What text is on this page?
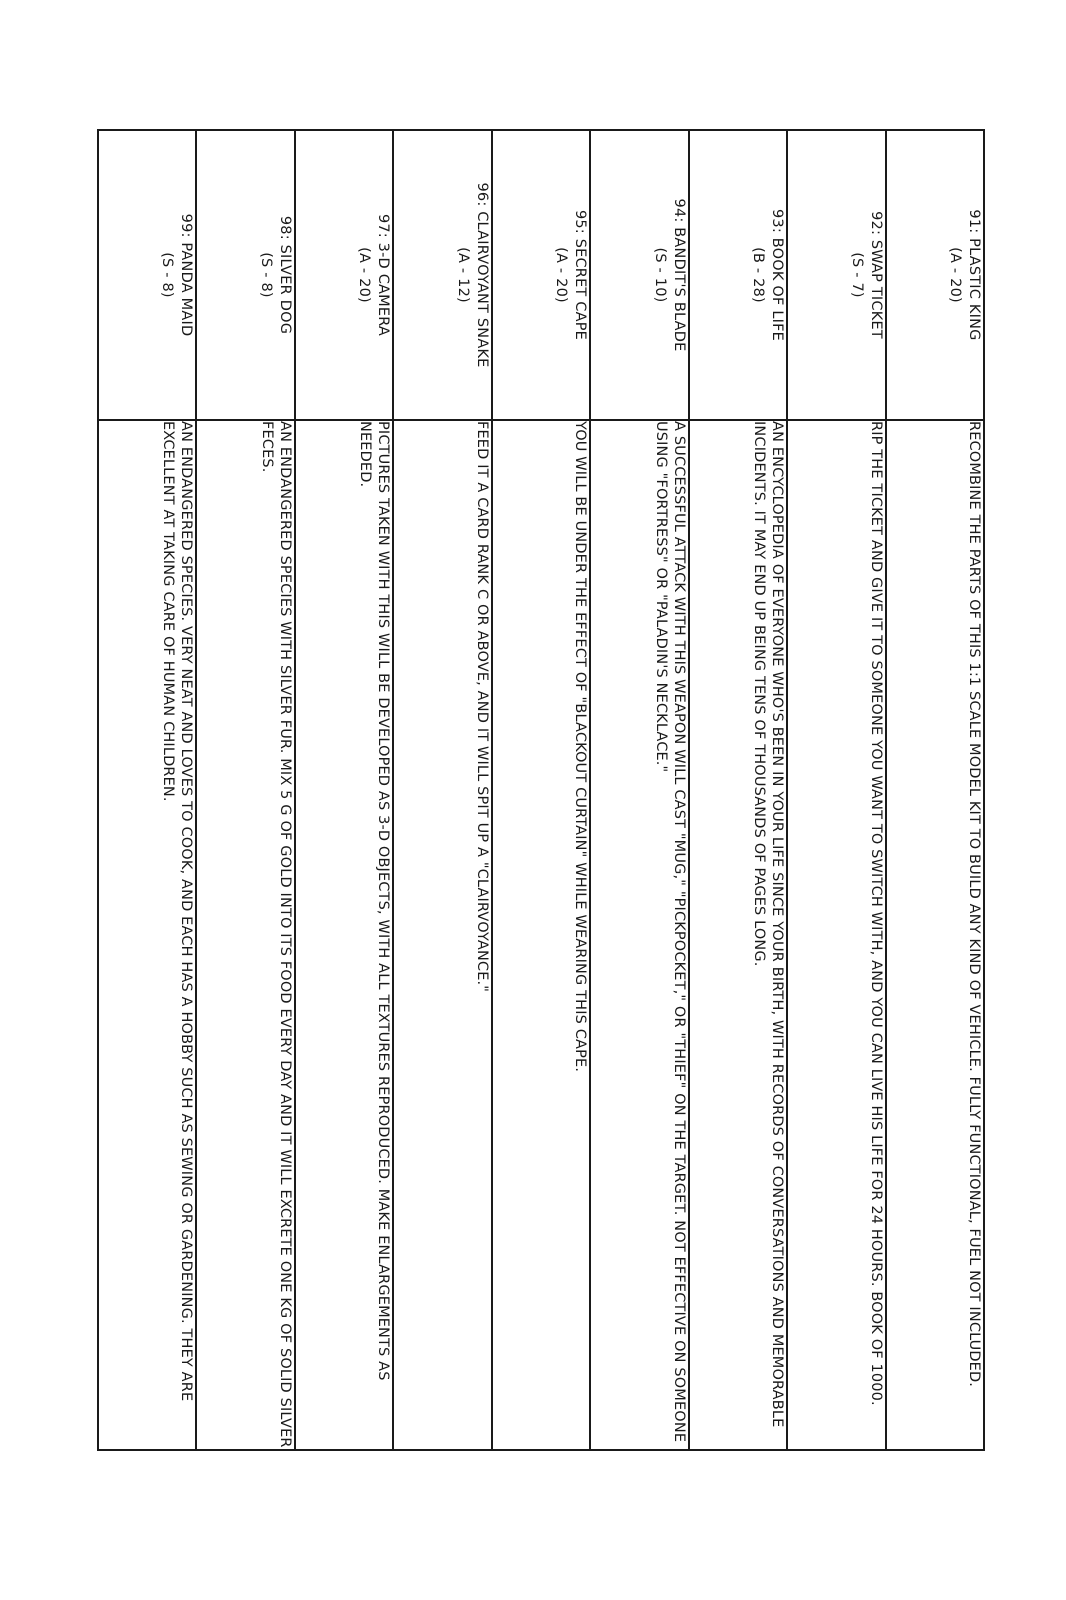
91: PLASTIC KING
(A - 20)	RECOMBINE THE PARTS OF THIS 1:1 SCALE MODEL KIT TO BUILD ANY KIND OF VEHICLE. FULLY FUNCTIONAL, FUEL NOT INCLUDED.

92: SWAP TICKET
(S - 7)	RIP THE TICKET AND GIVE IT TO SOMEONE YOU WANT TO SWITCH WITH, AND YOU CAN LIVE HIS LIFE FOR 24 HOURS. BOOK OF 1000.

93: BOOK OF LIFE
(B - 28)	AN ENCYCLOPEDIA OF EVERYONE WHO'S BEEN IN YOUR LIFE SINCE YOUR BIRTH, WITH RECORDS OF CONVERSATIONS AND MEMORABLE INCIDENTS. IT MAY END UP BEING TENS OF THOUSANDS OF PAGES LONG.

94: BANDIT'S BLADE
(S - 10)	A SUCCESSFUL ATTACK WITH THIS WEAPON WILL CAST "MUG," "PICKPOCKET," OR "THIEF" ON THE TARGET. NOT EFFECTIVE ON SOMEONE USING "FORTRESS" OR "PALADIN'S NECKLACE."

95: SECRET CAPE
(A - 20)	YOU WILL BE UNDER THE EFFECT OF "BLACKOUT CURTAIN" WHILE WEARING THIS CAPE.

96: CLAIRVOYANT SNAKE
(A - 12)	FEED IT A CARD RANK C OR ABOVE, AND IT WILL SPIT UP A "CLAIRVOYANCE."

97: 3-D CAMERA
(A - 20)	PICTURES TAKEN WITH THIS WILL BE DEVELOPED AS 3-D OBJECTS, WITH ALL TEXTURES REPRODUCED. MAKE ENLARGEMENTS AS NEEDED.

98: SILVER DOG
(S - 8)	AN ENDANGERED SPECIES WITH SILVER FUR. MIX 5 G OF GOLD INTO ITS FOOD EVERY DAY AND IT WILL EXCRETE ONE KG OF SOLID SILVER FECES.

99: PANDA MAID
(S - 8)	AN ENDANGERED SPECIES. VERY NEAT AND LOVES TO COOK, AND EACH HAS A HOBBY SUCH AS SEWING OR GARDENING. THEY ARE EXCELLENT AT TAKING CARE OF HUMAN CHILDREN.
